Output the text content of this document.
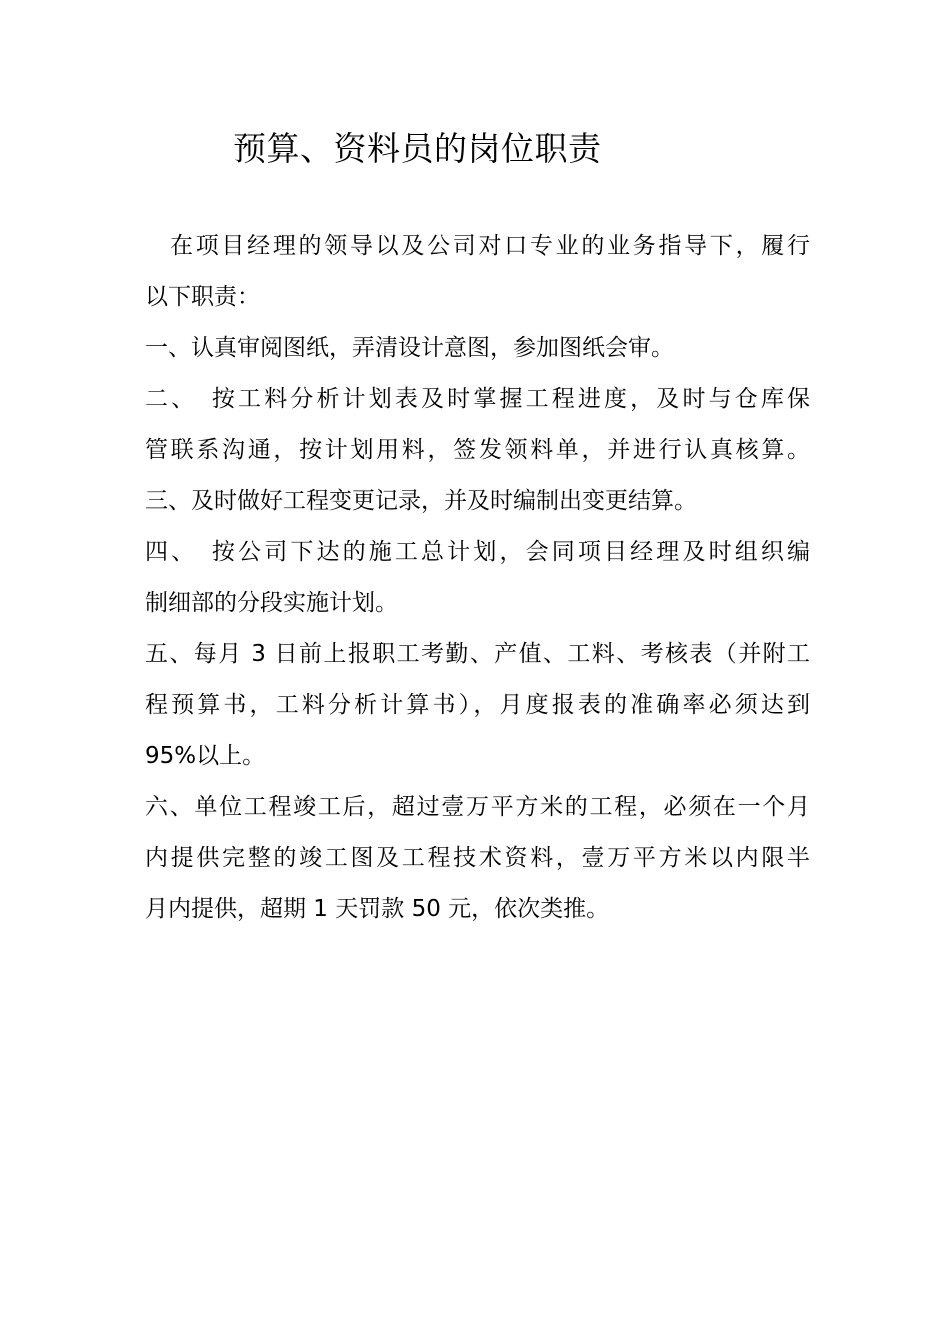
预算、资料员的岗位职责
在项目经理的领导以及公司对口专业的业务指导下，履行
以下职责：
一、认真审阅图纸，弄清设计意图，参加图纸会审。
二、　按工料分析计划表及时掌握工程进度，及时与仓库保
管联系沟通，按计划用料，签发领料单，并进行认真核算。
三、及时做好工程变更记录，并及时编制出变更结算。
四、　按公司下达的施工总计划，会同项目经理及时组织编
制细部的分段实施计划。
五、每月 3 日前上报职工考勤、产值、工料、考核表（并附工
程预算书，工料分析计算书），月度报表的准确率必须达到
95%以上。
六、单位工程竣工后，超过壹万平方米的工程，必须在一个月
内提供完整的竣工图及工程技术资料，壹万平方米以内限半
月内提供，超期 1 天罚款 50 元，依次类推。
